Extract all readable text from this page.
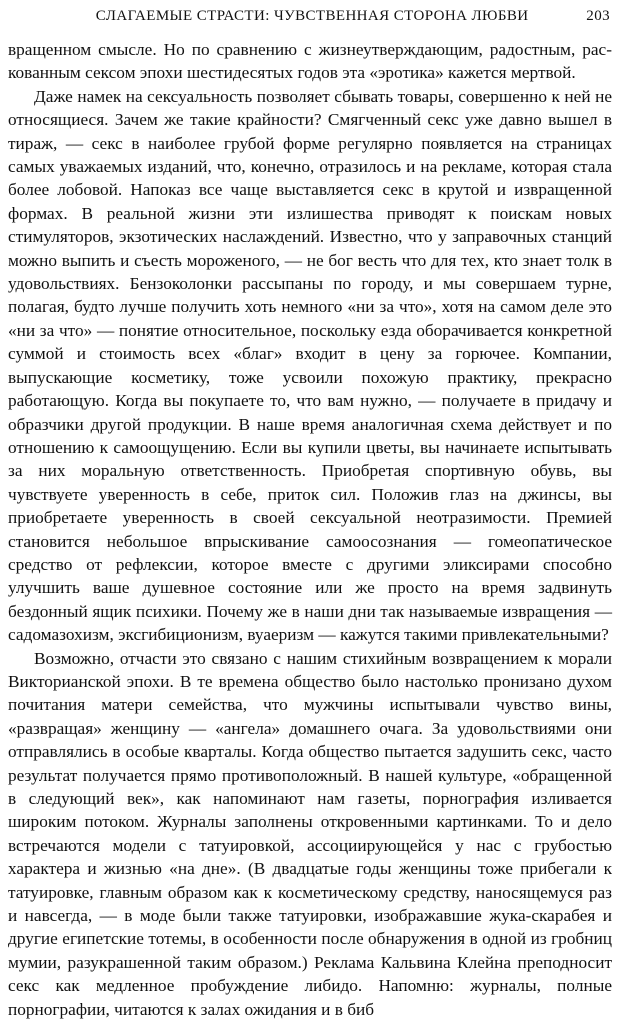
СЛАГАЕМЫЕ СТРАСТИ: ЧУВСТВЕННАЯ СТОРОНА ЛЮБВИ	203

вращенном смысле. Но по сравнению с жизнеутверждающим, радостным, раскованным сексом эпохи шестидесятых годов эта «эротика» кажется мертвой.

Даже намек на сексуальность позволяет сбывать товары, совершенно к ней не относящиеся. Зачем же такие крайности? Смягченный секс уже давно вышел в тираж, — секс в наиболее грубой форме регулярно появляется на страницах самых уважаемых изданий, что, конечно, отразилось и на рекламе, которая стала более лобовой. Напоказ все чаще выставляется секс в крутой и извращенной формах. В реальной жизни эти излишества приводят к поискам новых стимуляторов, экзотических наслаждений. Известно, что у заправочных станций можно выпить и съесть мороженого, — не бог весть что для тех, кто знает толк в удовольствиях. Бензоколонки рассыпаны по городу, и мы совершаем турне, полагая, будто лучше получить хоть немного «ни за что», хотя на самом деле это «ни за что» — понятие относительное, поскольку езда оборачивается конкретной суммой и стоимость всех «благ» входит в цену за горючее. Компании, выпускающие косметику, тоже усвоили похожую практику, прекрасно работающую. Когда вы покупаете то, что вам нужно, — получаете в придачу и образчики другой продукции. В наше время аналогичная схема действует и по отношению к самоощущению. Если вы купили цветы, вы начинаете испытывать за них моральную ответственность. Приобретая спортивную обувь, вы чувствуете уверенность в себе, приток сил. Положив глаз на джинсы, вы приобретаете уверенность в своей сексуальной неотразимости. Премией становится небольшое впрыскивание самоосознания — гомеопатическое средство от рефлексии, которое вместе с другими эликсирами способно улучшить ваше душевное состояние или же просто на время задвинуть бездонный ящик психики. Почему же в наши дни так называемые извращения — садомазохизм, эксгибиционизм, вуаеризм — кажутся такими привлекательными?

Возможно, отчасти это связано с нашим стихийным возвращением к морали Викторианской эпохи. В те времена общество было настолько пронизано духом почитания матери семейства, что мужчины испытывали чувство вины, «развращая» женщину — «ангела» домашнего очага. За удовольствиями они отправлялись в особые кварталы. Когда общество пытается задушить секс, часто результат получается прямо противоположный. В нашей культуре, «обращенной в следующий век», как напоминают нам газеты, порнография изливается широким потоком. Журналы заполнены откровенными картинками. То и дело встречаются модели с татуировкой, ассоциирующейся у нас с грубостью характера и жизнью «на дне». (В двадцатые годы женщины тоже прибегали к татуировке, главным образом как к косметическому средству, наносящемуся раз и навсегда, — в моде были также татуировки, изображавшие жука-скарабея и другие египетские тотемы, в особенности после обнаружения в одной из гробниц мумии, разукрашенной таким образом.) Реклама Кальвина Клейна преподносит секс как медленное пробуждение либидо. Напомню: журналы, полные порнографии, читаются к залах ожидания и в биб
